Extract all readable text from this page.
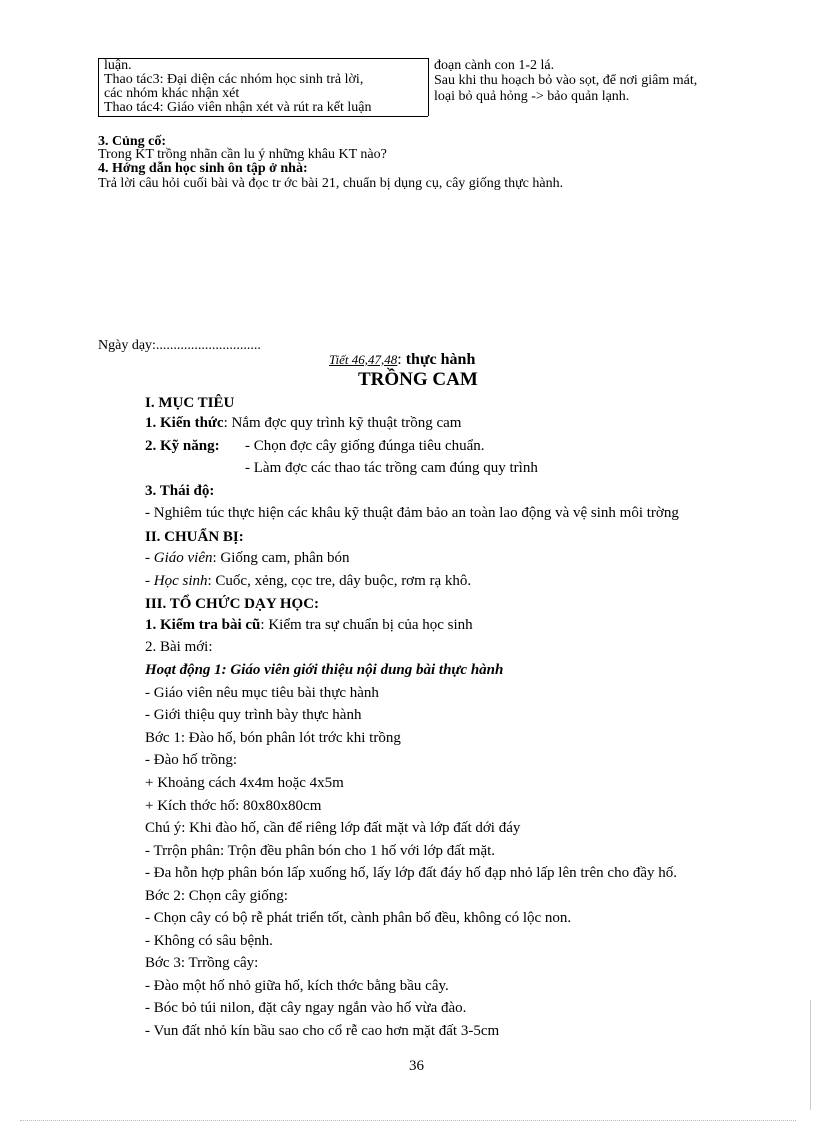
luận.
Thao tác3: Đại diện các nhóm học sinh trả lời,
các nhóm khác nhận xét
Thao tác4: Giáo viên nhận xét và rút ra kết luận
đoạn cành con 1-2 lá.
Sau khi thu hoạch bỏ vào sọt, để nơi giâm mát,
loại bỏ quả hỏng -> bảo quản lạnh.
3. Củng cố:
Trong KT trồng nhãn cần lu ý những khâu KT nào?
4. Hớng dẫn học sinh ôn tập ở nhà:
Trả lời câu hỏi cuối bài và đọc tr ớc bài 21, chuẩn bị dụng cụ, cây giống thực hành.
Ngày dạy:..............................
Tiết 46,47,48: thực hành
TRỒNG CAM
I. MỤC TIÊU
1. Kiến thức: Nắm đợc quy trình kỹ thuật trồng cam
2. Kỹ năng: - Chọn đợc cây giống đúnga tiêu chuẩn.
- Làm đợc các thao tác trồng cam đúng quy trình
3. Thái độ:
- Nghiêm túc thực hiện các khâu kỹ thuật đảm bảo an toàn lao động và vệ sinh môi trờng
II. CHUẨN BỊ:
- Giáo viên: Giống cam, phân bón
- Học sinh: Cuốc, xẻng, cọc tre, dây buộc, rơm rạ khô.
III. TỔ CHỨC DẠY HỌC:
1. Kiểm tra bài cũ: Kiểm tra sự chuẩn bị của học sinh
2. Bài mới:
Hoạt động 1: Giáo viên giới thiệu nội dung bài thực hành
- Giáo viên nêu mục tiêu bài thực hành
- Giới thiệu quy trình bày thực hành
Bớc 1: Đào hố, bón phân lót trớc khi trồng
- Đào hố trồng:
+ Khoảng cách 4x4m hoặc 4x5m
+ Kích thớc hố: 80x80x80cm
Chú ý: Khi đào hố, cần để riêng lớp đất mặt và lớp đất dới đáy
- Trrộn phân: Trộn đều phân bón cho 1 hố với lớp đất mặt.
- Đa hỗn hợp phân bón lấp xuống hố, lấy lớp đất đáy hố đạp nhỏ lấp lên trên cho đầy hố.
Bớc 2: Chọn cây giống:
- Chọn cây có bộ rễ phát triển tốt, cành phân bố đều, không có lộc non.
- Không có sâu bệnh.
Bớc 3: Trrồng cây:
- Đào một hố nhỏ giữa hố, kích thớc bằng bầu cây.
- Bóc bỏ túi nilon, đặt cây ngay ngắn vào hố vừa đào.
- Vun đất nhỏ kín bầu sao cho cổ rễ cao hơn mặt đất 3-5cm
36
